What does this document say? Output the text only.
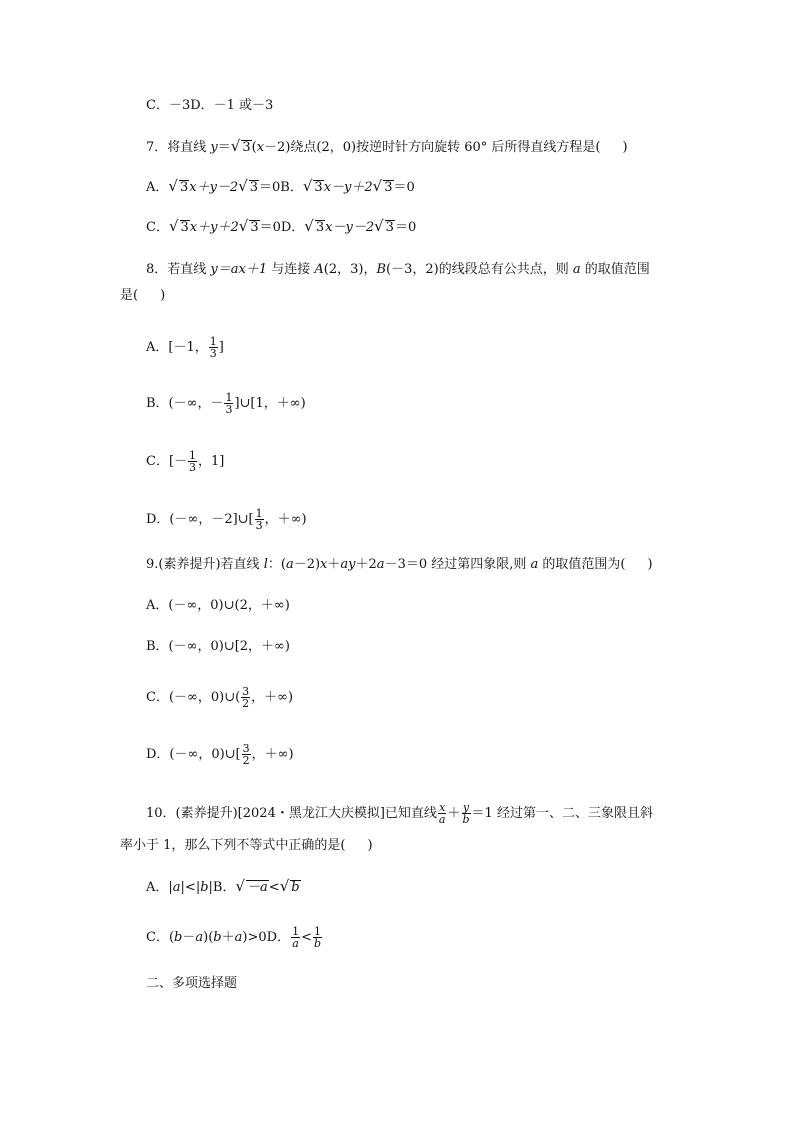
C．－3D．－1 或－3
7．将直线 y＝√ 3(x－2)绕点(2，0)按逆时针方向旋转 60° 后所得直线方程是( )
A．√ 3x＋y－2√ 3＝0B．√ 3x－y＋2√ 3＝0
C．√ 3x＋y＋2√ 3＝0D．√ 3x－y－2√ 3＝0
8．若直线 y＝ax＋1 与连接 A(2，3)，B(－3，2)的线段总有公共点，则 a 的取值范围
是( )
A．[－1， $\frac{1}{3}$ ]
B．(－∞，－ $\frac{1}{3}$ ]∪[1，＋∞)
C．[－ $\frac{1}{3}$ ，1]
D．(－∞，－2]∪[ $\frac{1}{3}$ ，＋∞)
9.(素养提升)若直线 l：(a－2)x＋ay＋2a－3＝0 经过第四象限,则 a 的取值范围为( )
A．(－∞，0)∪(2，＋∞)
B．(－∞，0)∪[2，＋∞)
C．(－∞，0)∪( $\frac{3}{2}$ ，＋∞)
D．(－∞，0)∪[ $\frac{3}{2}$ ，＋∞)
10．(素养提升)[2024・黑龙江大庆模拟]已知直线 $\frac{x}{a} + \frac{y}{b} =1$ 经过第一、二、三象限且斜
率小于 1，那么下列不等式中正确的是( )
A．|a|<|b|B．√ －a<√ b
C．(b－a)(b＋a)>0D． $\frac{1}{a} < \frac{1}{b}$
二、多项选择题
